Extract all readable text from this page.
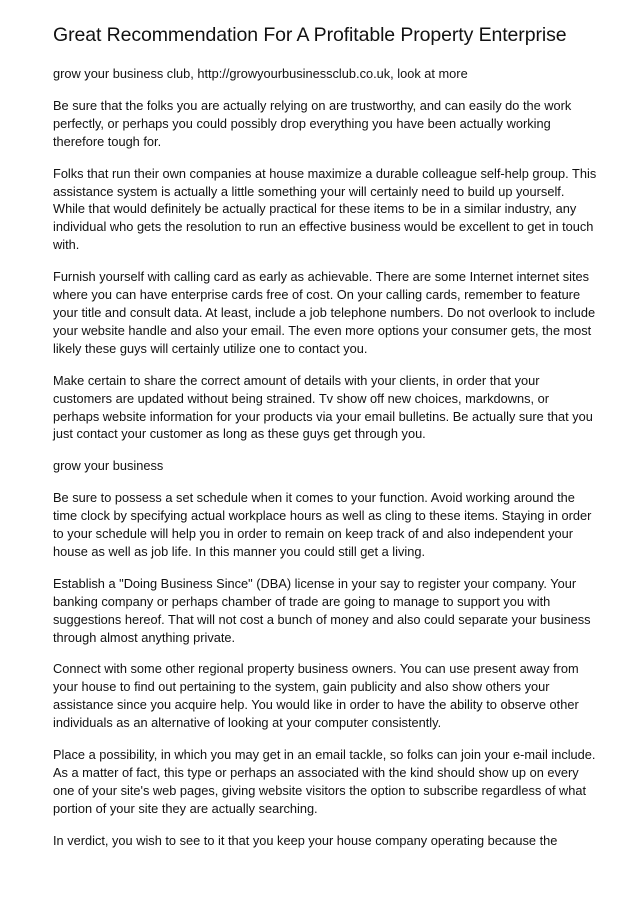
Great Recommendation For A Profitable Property Enterprise

grow your business club, http://growyourbusinessclub.co.uk, look at more

Be sure that the folks you are actually relying on are trustworthy, and can easily do the work perfectly, or perhaps you could possibly drop everything you have been actually working therefore tough for.

Folks that run their own companies at house maximize a durable colleague self-help group. This assistance system is actually a little something your will certainly need to build up yourself. While that would definitely be actually practical for these items to be in a similar industry, any individual who gets the resolution to run an effective business would be excellent to get in touch with.

Furnish yourself with calling card as early as achievable. There are some Internet internet sites where you can have enterprise cards free of cost. On your calling cards, remember to feature your title and consult data. At least, include a job telephone numbers. Do not overlook to include your website handle and also your email. The even more options your consumer gets, the most likely these guys will certainly utilize one to contact you.

Make certain to share the correct amount of details with your clients, in order that your customers are updated without being strained. Tv show off new choices, markdowns, or perhaps website information for your products via your email bulletins. Be actually sure that you just contact your customer as long as these guys get through you.

grow your business

Be sure to possess a set schedule when it comes to your function. Avoid working around the time clock by specifying actual workplace hours as well as cling to these items. Staying in order to your schedule will help you in order to remain on keep track of and also independent your house as well as job life. In this manner you could still get a living.

Establish a "Doing Business Since" (DBA) license in your say to register your company. Your banking company or perhaps chamber of trade are going to manage to support you with suggestions hereof. That will not cost a bunch of money and also could separate your business through almost anything private.

Connect with some other regional property business owners. You can use present away from your house to find out pertaining to the system, gain publicity and also show others your assistance since you acquire help. You would like in order to have the ability to observe other individuals as an alternative of looking at your computer consistently.

Place a possibility, in which you may get in an email tackle, so folks can join your e-mail include. As a matter of fact, this type or perhaps an associated with the kind should show up on every one of your site's web pages, giving website visitors the option to subscribe regardless of what portion of your site they are actually searching.

In verdict, you wish to see to it that you keep your house company operating because the
